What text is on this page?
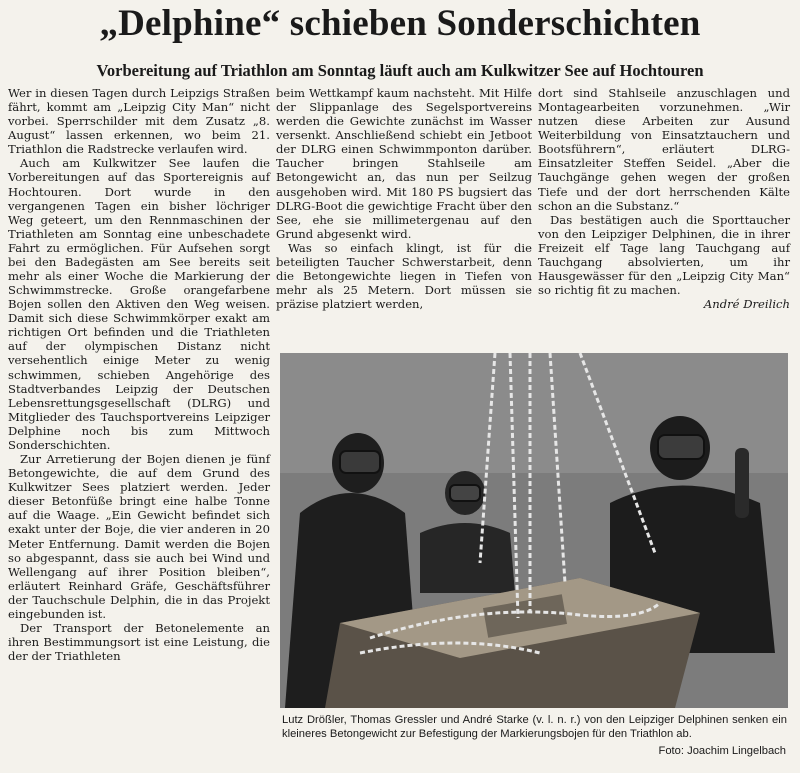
„Delphine“ schieben Sonderschichten
Vorbereitung auf Triathlon am Sonntag läuft auch am Kulkwitzer See auf Hochtouren

Wer in diesen Tagen durch Leipzigs Straßen fährt, kommt am „Leipzig City Man“ nicht vorbei. Sperrschilder mit dem Zusatz „8. August“ lassen erkennen, wo beim 21. Triathlon die Radstrecke verlaufen wird.

Auch am Kulkwitzer See laufen die Vorbereitungen auf das Sportereignis auf Hochtouren. Dort wurde in den vergangenen Tagen ein bisher löchriger Weg geteert, um den Rennmaschinen der Triathleten am Sonntag eine unbeschadete Fahrt zu ermöglichen. Für Aufsehen sorgt bei den Badegästen am See bereits seit mehr als einer Woche die Markierung der Schwimmstrecke. Große orangefarbene Bojen sollen den Aktiven den Weg weisen. Damit sich diese Schwimmkörper exakt am richtigen Ort befinden und die Triathleten auf der olympischen Distanz nicht versehentlich einige Meter zu wenig schwimmen, schieben Angehörige des Stadtverbandes Leipzig der Deutschen Lebensrettungsgesellschaft (DLRG) und Mitglieder des Tauchsportvereins Leipziger Delphine noch bis zum Mittwoch Sonderschichten.

Zur Arretierung der Bojen dienen je fünf Betongewichte, die auf dem Grund des Kulkwitzer Sees platziert werden. Jeder dieser Betonfüße bringt eine halbe Tonne auf die Waage. „Ein Gewicht befindet sich exakt unter der Boje, die vier anderen in 20 Meter Entfernung. Damit werden die Bojen so abgespannt, dass sie auch bei Wind und Wellengang auf ihrer Position bleiben“, erläutert Reinhard Gräfe, Geschäftsführer der Tauchschule Delphin, die in das Projekt eingebunden ist.

Der Transport der Betonelemente an ihren Bestimmungsort ist eine Leistung, die der der Triathleten

beim Wettkampf kaum nachsteht. Mit Hilfe der Slippanlage des Segelsportvereins werden die Gewichte zunächst im Wasser versenkt. Anschließend schiebt ein Jetboot der DLRG einen Schwimmponton darüber. Taucher bringen Stahlseile am Betongewicht an, das nun per Seilzug ausgehoben wird. Mit 180 PS bugsiert das DLRG-Boot die gewichtige Fracht über den See, ehe sie millimetergenau auf den Grund abgesenkt wird.

Was so einfach klingt, ist für die beteiligten Taucher Schwerstarbeit, denn die Betongewichte liegen in Tiefen von mehr als 25 Metern. Dort müssen sie präzise platziert werden,

dort sind Stahlseile anzuschlagen und Montagearbeiten vorzunehmen. „Wir nutzen diese Arbeiten zur Ausund Weiterbildung von Einsatztauchern und Bootsführern“, erläutert DLRG-Einsatzleiter Steffen Seidel. „Aber die Tauchgänge gehen wegen der großen Tiefe und der dort herrschenden Kälte schon an die Substanz.“

Das bestätigen auch die Sporttaucher von den Leipziger Delphinen, die in ihrer Freizeit elf Tage lang Tauchgang auf Tauchgang absolvierten, um ihr Hausgewässer für den „Leipzig City Man“ so richtig fit zu machen.

André Dreilich

Lutz Drößler, Thomas Gressler und André Starke (v. l. n. r.) von den Leipziger Delphinen senken ein kleineres Betongewicht zur Befestigung der Markierungsbojen für den Triathlon ab.
Foto: Joachim Lingelbach
